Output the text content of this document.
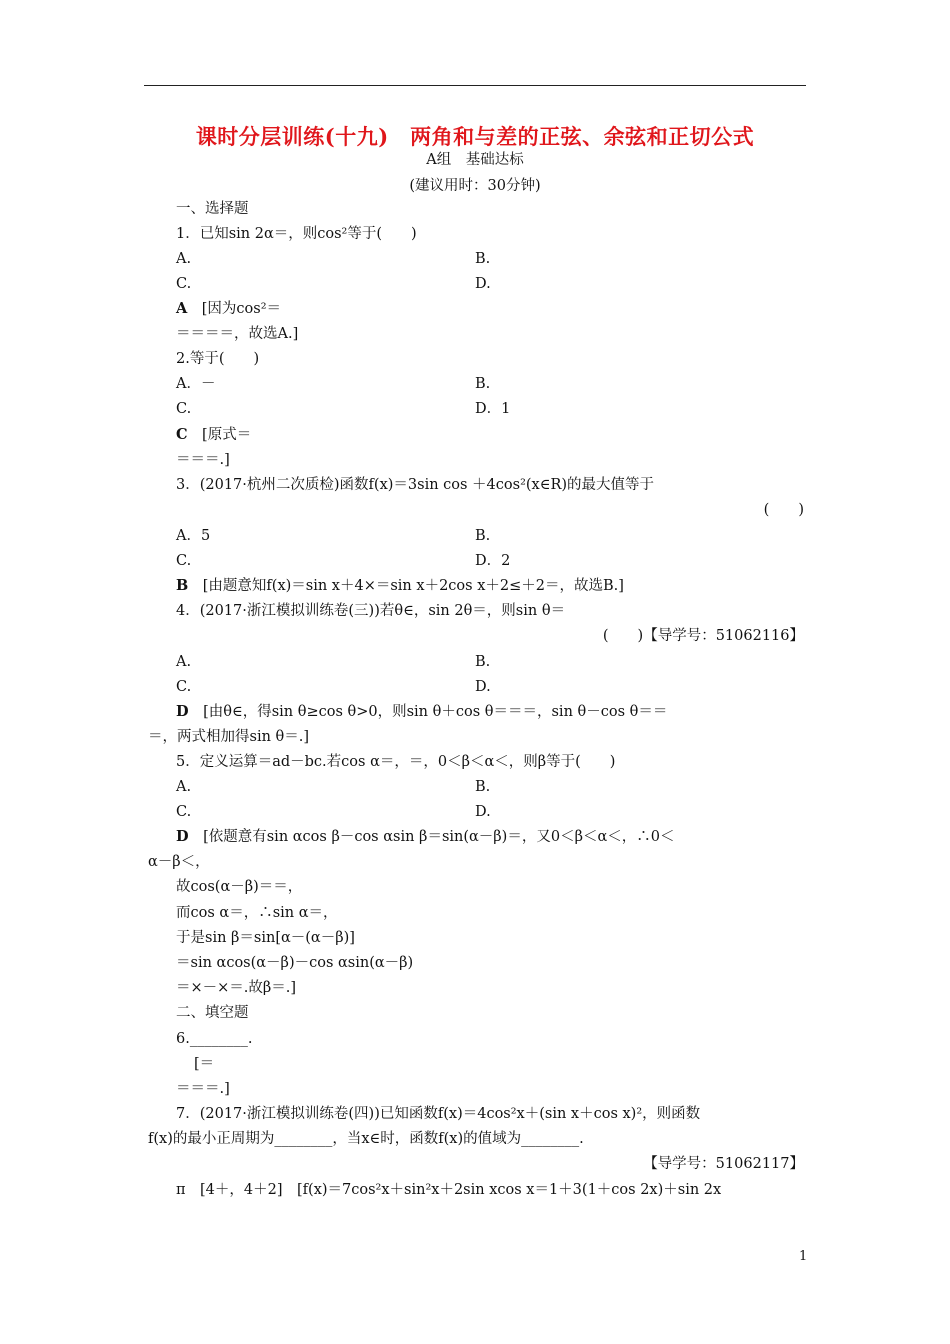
课时分层训练(十九)　两角和与差的正弦、余弦和正切公式
A组　基础达标
(建议用时：30分钟)
一、选择题
1．已知sin 2α＝，则cos²等于(　　)
A.	B.
C.	D.
A　 [因为cos²＝
＝＝＝＝，故选A.]
2.等于(　　)
A．－	B.
C.	D．1
C　 [原式＝
＝＝＝.]
3．(2017·杭州二次质检)函数f(x)＝3sin cos ＋4cos²(x∈R)的最大值等于
(　　)
A．5	B.
C.	D．2
B　 [由题意知f(x)＝sin x＋4×＝sin x＋2cos x＋2≤＋2＝，故选B.]
4．(2017·浙江模拟训练卷(三))若θ∈，sin 2θ＝，则sin θ＝
(　　)【导学号：51062116】
A.	B.
C.	D.
D　 [由θ∈，得sin θ≥cos θ>0，则sin θ＋cos θ＝＝＝，sin θ－cos θ＝＝
＝，两式相加得sin θ＝.]
5．定义运算＝ad－bc.若cos α＝，＝，0＜β＜α＜，则β等于(　　)
A.	B.
C.	D.
D　 [依题意有sin αcos β－cos αsin β＝sin(α－β)＝，又0＜β＜α＜，∴0＜
α－β＜，
故cos(α－β)＝＝，
而cos α＝，∴sin α＝，
于是sin β＝sin[α－(α－β)]
＝sin αcos(α－β)－cos αsin(α－β)
＝×－×＝.故β＝.]
二、填空题
6.________.
[＝
＝＝＝.]
7．(2017·浙江模拟训练卷(四))已知函数f(x)＝4cos²x＋(sin x＋cos x)²，则函数
f(x)的最小正周期为________，当x∈时，函数f(x)的值域为________.
【导学号：51062117】
π　[4＋，4＋2]　[f(x)＝7cos²x＋sin²x＋2sin xcos x＝1＋3(1＋cos 2x)＋sin 2x
1
